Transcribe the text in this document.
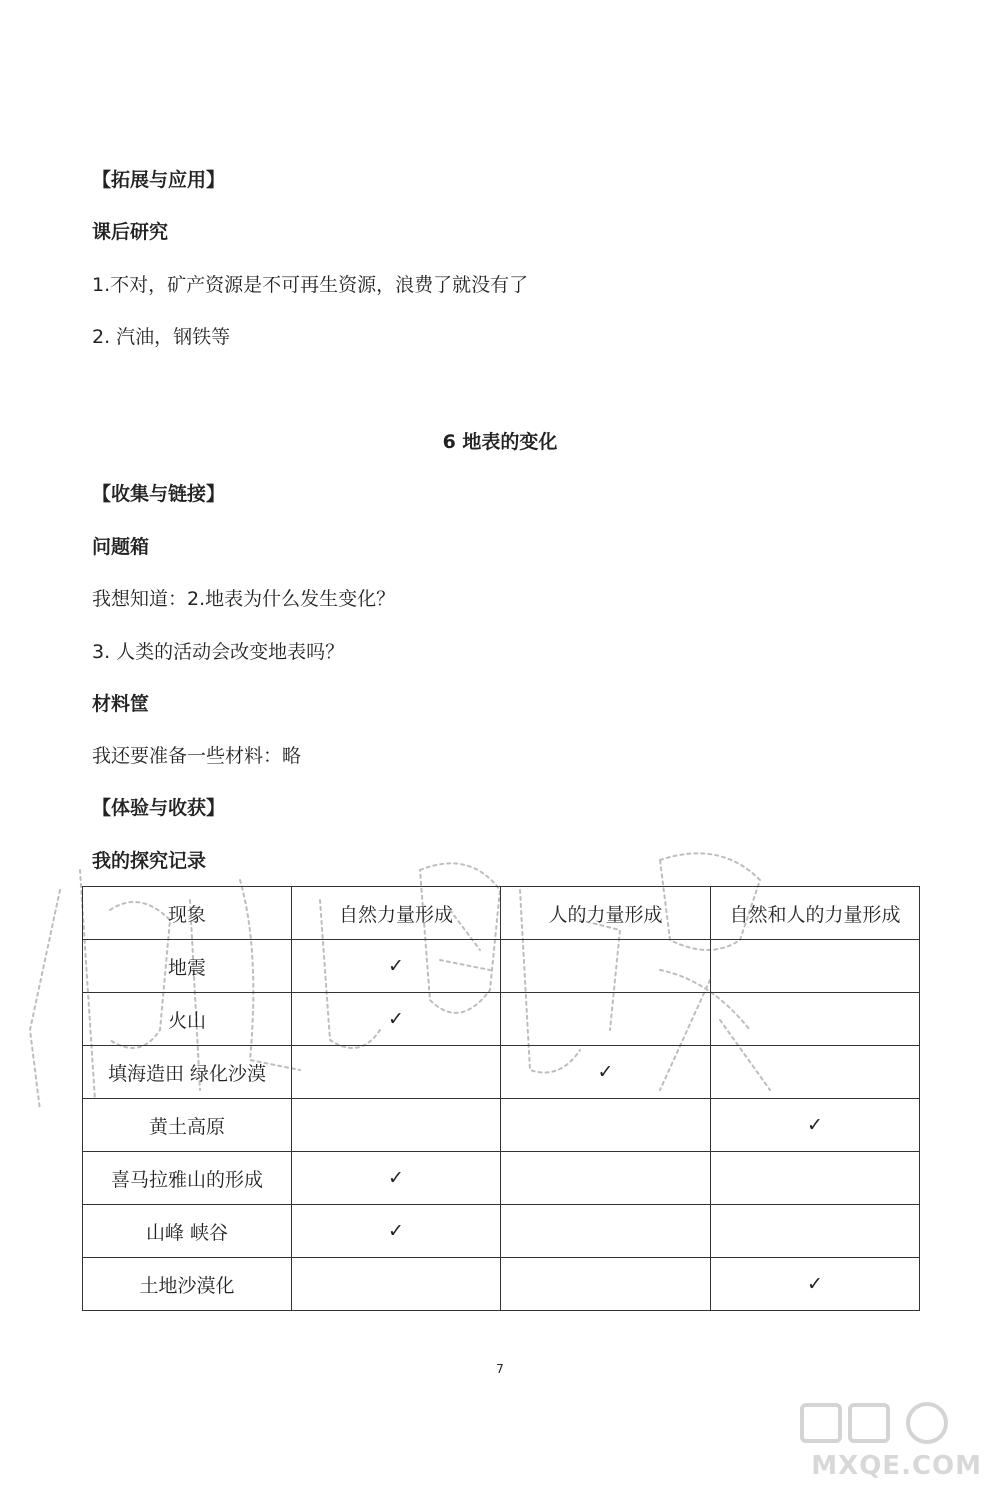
【拓展与应用】
课后研究
1.不对，矿产资源是不可再生资源，浪费了就没有了
2. 汽油，钢铁等
6 地表的变化
【收集与链接】
问题箱
我想知道：2.地表为什么发生变化？
3. 人类的活动会改变地表吗？
材料筐
我还要准备一些材料：略
【体验与收获】
我的探究记录
现象	自然力量形成	人的力量形成	自然和人的力量形成
地震	✓		
火山	✓		
填海造田 绿化沙漠		✓	
黄土高原			✓
喜马拉雅山的形成	✓		
山峰 峡谷	✓		
土地沙漠化			✓
7
MXQE.COM
